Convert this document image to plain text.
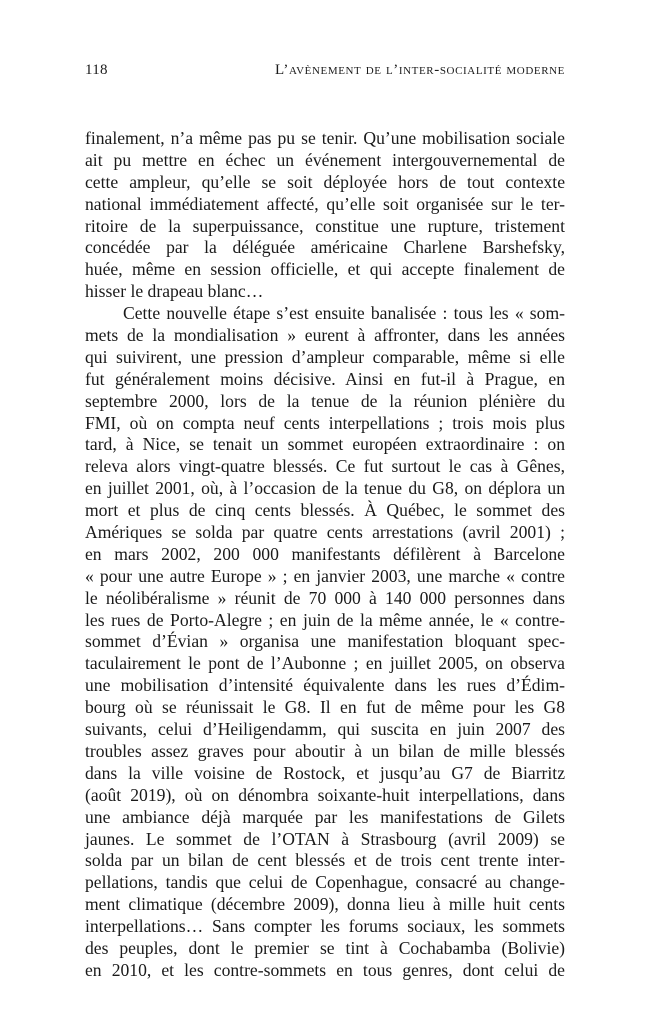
118	L’avènement de l’inter-socialité moderne
finalement, n’a même pas pu se tenir. Qu’une mobilisation sociale
ait pu mettre en échec un événement intergouvernemental de
cette ampleur, qu’elle se soit déployée hors de tout contexte
national immédiatement affecté, qu’elle soit organisée sur le ter-
ritoire de la superpuissance, constitue une rupture, tristement
concédée par la déléguée américaine Charlene Barshefsky,
huée, même en session officielle, et qui accepte finalement de
hisser le drapeau blanc…
Cette nouvelle étape s’est ensuite banalisée : tous les « som-
mets de la mondialisation » eurent à affronter, dans les années
qui suivirent, une pression d’ampleur comparable, même si elle
fut généralement moins décisive. Ainsi en fut-il à Prague, en
septembre 2000, lors de la tenue de la réunion plénière du
FMI, où on compta neuf cents interpellations ; trois mois plus
tard, à Nice, se tenait un sommet européen extraordinaire : on
releva alors vingt-quatre blessés. Ce fut surtout le cas à Gênes,
en juillet 2001, où, à l’occasion de la tenue du G8, on déplora un
mort et plus de cinq cents blessés. À Québec, le sommet des
Amériques se solda par quatre cents arrestations (avril 2001) ;
en mars 2002, 200 000 manifestants défilèrent à Barcelone
« pour une autre Europe » ; en janvier 2003, une marche « contre
le néolibéralisme » réunit de 70 000 à 140 000 personnes dans
les rues de Porto-Alegre ; en juin de la même année, le « contre-
sommet d’Évian » organisa une manifestation bloquant spec-
taculairement le pont de l’Aubonne ; en juillet 2005, on observa
une mobilisation d’intensité équivalente dans les rues d’Édim-
bourg où se réunissait le G8. Il en fut de même pour les G8
suivants, celui d’Heiligendamm, qui suscita en juin 2007 des
troubles assez graves pour aboutir à un bilan de mille blessés
dans la ville voisine de Rostock, et jusqu’au G7 de Biarritz
(août 2019), où on dénombra soixante-huit interpellations, dans
une ambiance déjà marquée par les manifestations de Gilets
jaunes. Le sommet de l’OTAN à Strasbourg (avril 2009) se
solda par un bilan de cent blessés et de trois cent trente inter-
pellations, tandis que celui de Copenhague, consacré au change-
ment climatique (décembre 2009), donna lieu à mille huit cents
interpellations… Sans compter les forums sociaux, les sommets
des peuples, dont le premier se tint à Cochabamba (Bolivie)
en 2010, et les contre-sommets en tous genres, dont celui de
